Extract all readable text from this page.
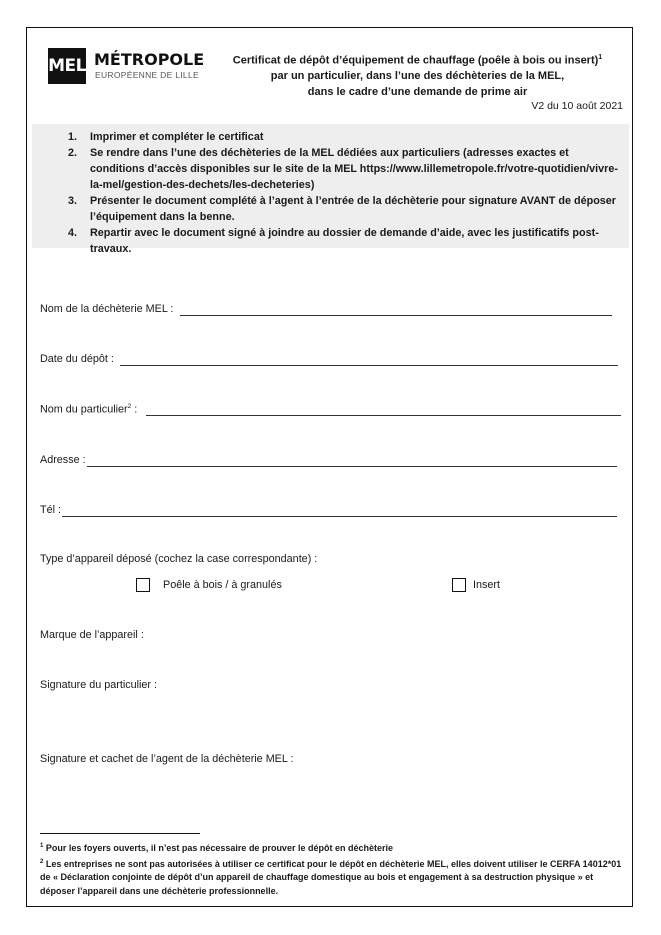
MEL MÉTROPOLE
EUROPÉENNE DE LILLE
Certificat de dépôt d’équipement de chauffage (poêle à bois ou insert)$^1$
par un particulier, dans l’une des déchèteries de la MEL,
dans le cadre d’une demande de prime air
V2 du 10 août 2021
1. Imprimer et compléter le certificat
2. Se rendre dans l’une des déchèteries de la MEL dédiées aux particuliers (adresses exactes et conditions d’accès disponibles sur le site de la MEL https://www.lillemetropole.fr/votre-quotidien/vivre-la-mel/gestion-des-dechets/les-decheteries)
3. Présenter le document complété à l’agent à l’entrée de la déchèterie pour signature AVANT de déposer l’équipement dans la benne.
4. Repartir avec le document signé à joindre au dossier de demande d’aide, avec les justificatifs post-travaux.
Nom de la déchèterie MEL :
Date du dépôt :
Nom du particulier$^2$ :
Adresse :
Tél :
Type d’appareil déposé (cochez la case correspondante) :
Poêle à bois / à granulés	Insert
Marque de l’appareil :
Signature du particulier :
Signature et cachet de l’agent de la déchèterie MEL :

$^1$ Pour les foyers ouverts, il n’est pas nécessaire de prouver le dépôt en déchèterie

$^2$ Les entreprises ne sont pas autorisées à utiliser ce certificat pour le dépôt en déchèterie MEL, elles doivent utiliser le CERFA 14012*01 de « Déclaration conjointe de dépôt d’un appareil de chauffage domestique au bois et engagement à sa destruction physique » et déposer l’appareil dans une déchèterie professionnelle.
